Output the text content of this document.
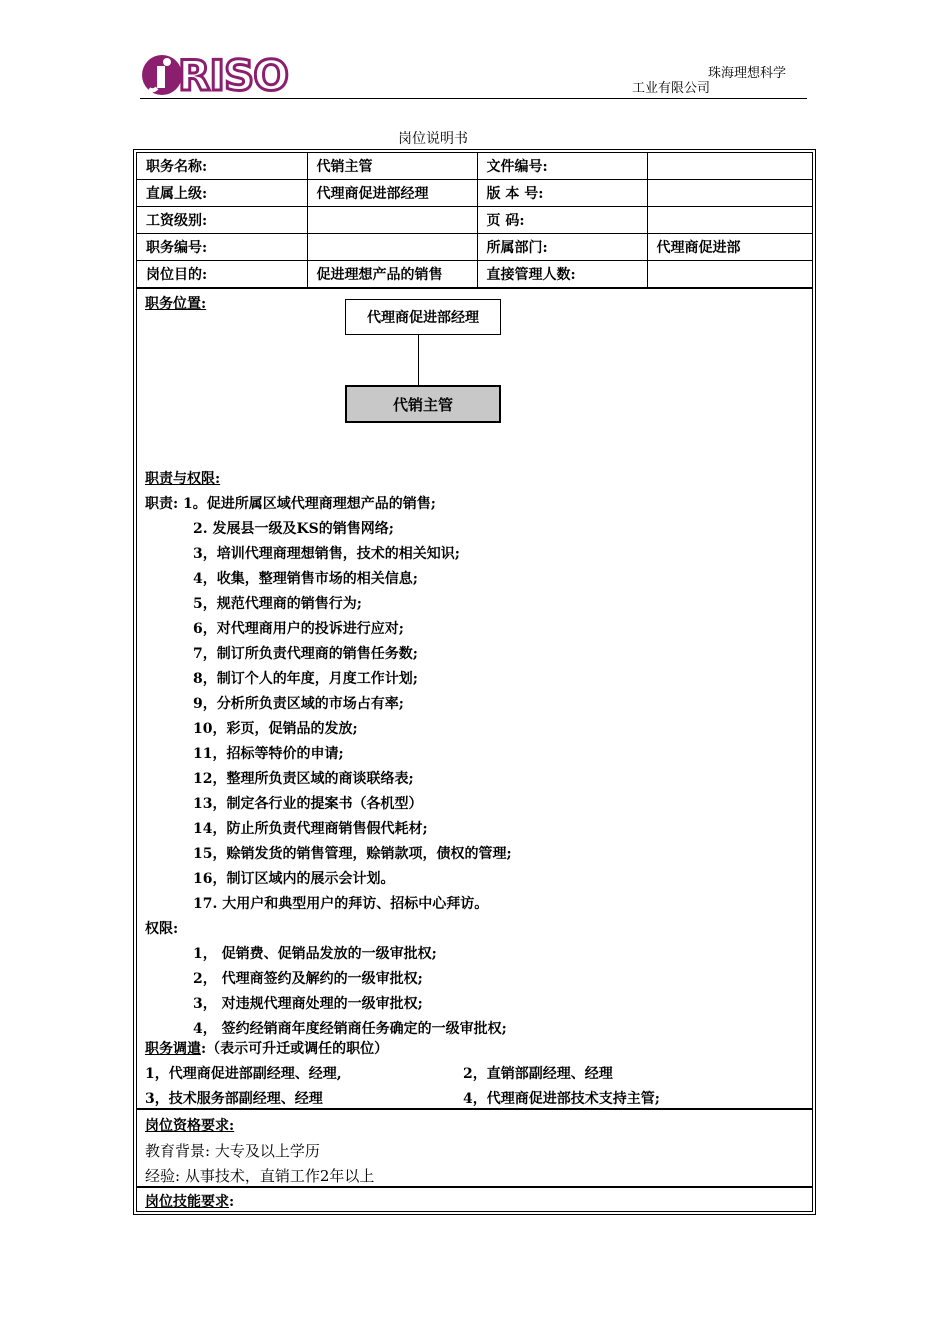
RISO	珠海理想科学
工业有限公司
岗位说明书
职务名称:	代销主管	文件编号:	
直属上级:	代理商促进部经理	版 本 号:	
工资级别:		页 码:	
职务编号:		所属部门:	代理商促进部
岗位目的:	促进理想产品的销售	直接管理人数:	
职务位置:
代理商促进部经理
代销主管
职责与权限:
职责: 1。促进所属区域代理商理想产品的销售;
2. 发展县一级及KS的销售网络;
3，培训代理商理想销售，技术的相关知识;
4，收集，整理销售市场的相关信息;
5，规范代理商的销售行为;
6，对代理商用户的投诉进行应对;
7，制订所负责代理商的销售任务数;
8，制订个人的年度，月度工作计划;
9，分析所负责区域的市场占有率;
10，彩页，促销品的发放;
11，招标等特价的申请;
12，整理所负责区域的商谈联络表;
13，制定各行业的提案书（各机型）
14，防止所负责代理商销售假代耗材;
15，赊销发货的销售管理，赊销款项，债权的管理;
16，制订区域内的展示会计划。
17. 大用户和典型用户的拜访、招标中心拜访。
权限:
1， 促销费、促销品发放的一级审批权;
2， 代理商签约及解约的一级审批权;
3， 对违规代理商处理的一级审批权;
4， 签约经销商年度经销商任务确定的一级审批权;
职务调遣:（表示可升迁或调任的职位）
1，代理商促进部副经理、经理,	2，直销部副经理、经理
3，技术服务部副经理、经理	4，代理商促进部技术支持主管;
岗位资格要求:
教育背景: 大专及以上学历
经验: 从事技术，直销工作2年以上
岗位技能要求:
